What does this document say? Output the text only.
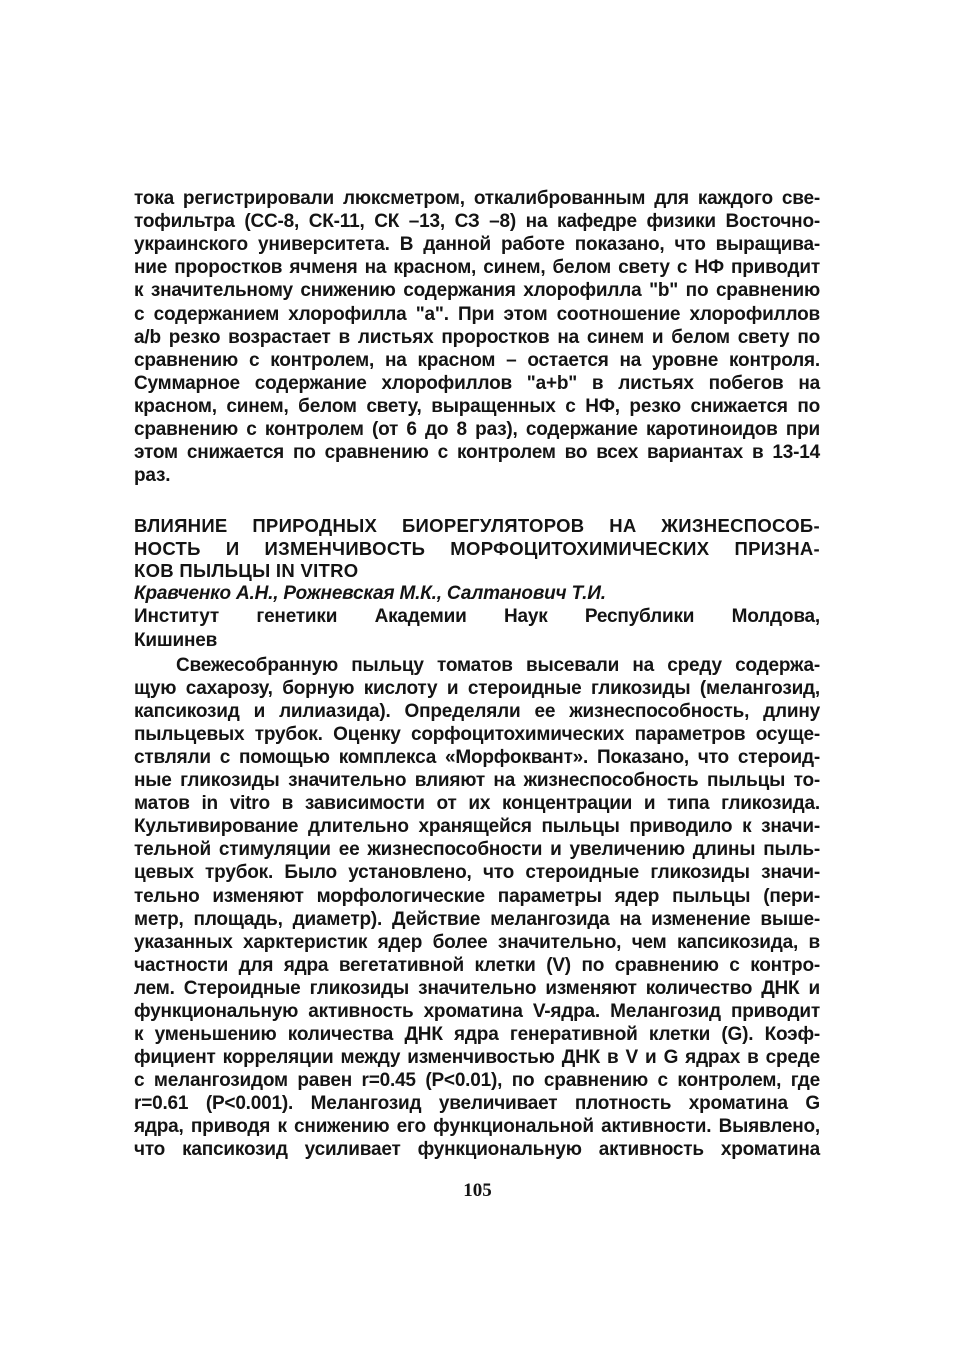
тока регистрировали люксметром, откалиброванным для каждого све-
тофильтра (СС-8, СК-11, СК –13, СЗ –8) на кафедре физики Восточно-
украинского университета. В данной работе показано, что выращива-
ние проростков ячменя на красном, синем, белом свету с НФ приводит
к значительному снижению содержания хлорофилла "b" по сравнению
с содержанием хлорофилла "а". При этом соотношение хлорофиллов
а/b резко возрастает в листьях проростков на синем и белом свету по
сравнению с контролем, на красном – остается на уровне контроля.
Суммарное содержание хлорофиллов "а+b" в листьях побегов на
красном, синем, белом свету, выращенных с НФ, резко снижается по
сравнению с контролем (от 6 до 8 раз), содержание каротиноидов при
этом снижается по сравнению с контролем во всех вариантах в 13-14
раз.
ВЛИЯНИЕ ПРИРОДНЫХ БИОРЕГУЛЯТОРОВ НА ЖИЗНЕСПОСОБ-
НОСТЬ И ИЗМЕНЧИВОСТЬ МОРФОЦИТОХИМИЧЕСКИХ ПРИЗНА-
КОВ ПЫЛЬЦЫ IN VITRO
Кравченко А.Н., Рожневская М.К., Салтанович Т.И.
Институт генетики Академии Наук Республики Молдова,
Кишинев
Свежесобранную пыльцу томатов высевали на среду содержа-
щую сахарозу, борную кислоту и стероидные гликозиды (мелангозид,
капсикозид и лилиазида). Определяли ее жизнеспособность, длину
пыльцевых трубок. Оценку сорфоцитохимических параметров осуще-
ствляли с помощью комплекса «Морфоквант». Показано, что стероид-
ные гликозиды значительно влияют на жизнеспособность пыльцы то-
матов in vitro в зависимости от их концентрации и типа гликозида.
Культивирование длительно хранящейся пыльцы приводило к значи-
тельной стимуляции ее жизнеспособности и увеличению длины пыль-
цевых трубок. Было установлено, что стероидные гликозиды значи-
тельно изменяют морфологические параметры ядер пыльцы (пери-
метр, площадь, диаметр). Действие мелангозида на изменение выше-
указанных харктеристик ядер более значительно, чем капсикозида, в
частности для ядра вегетативной клетки (V) по сравнению с контро-
лем. Стероидные гликозиды значительно изменяют количество ДНК и
функциональную активность хроматина V-ядра. Мелангозид приводит
к уменьшению количества ДНК ядра генеративной клетки (G). Коэф-
фициент корреляции между изменчивостью ДНК в V и G ядрах в среде
с мелангозидом равен r=0.45 (P<0.01), по сравнению с контролем, где
r=0.61 (P<0.001). Мелангозид увеличивает плотность хроматина G
ядра, приводя к снижению его функциональной активности. Выявлено,
что капсикозид усиливает функциональную активность хроматина
105
